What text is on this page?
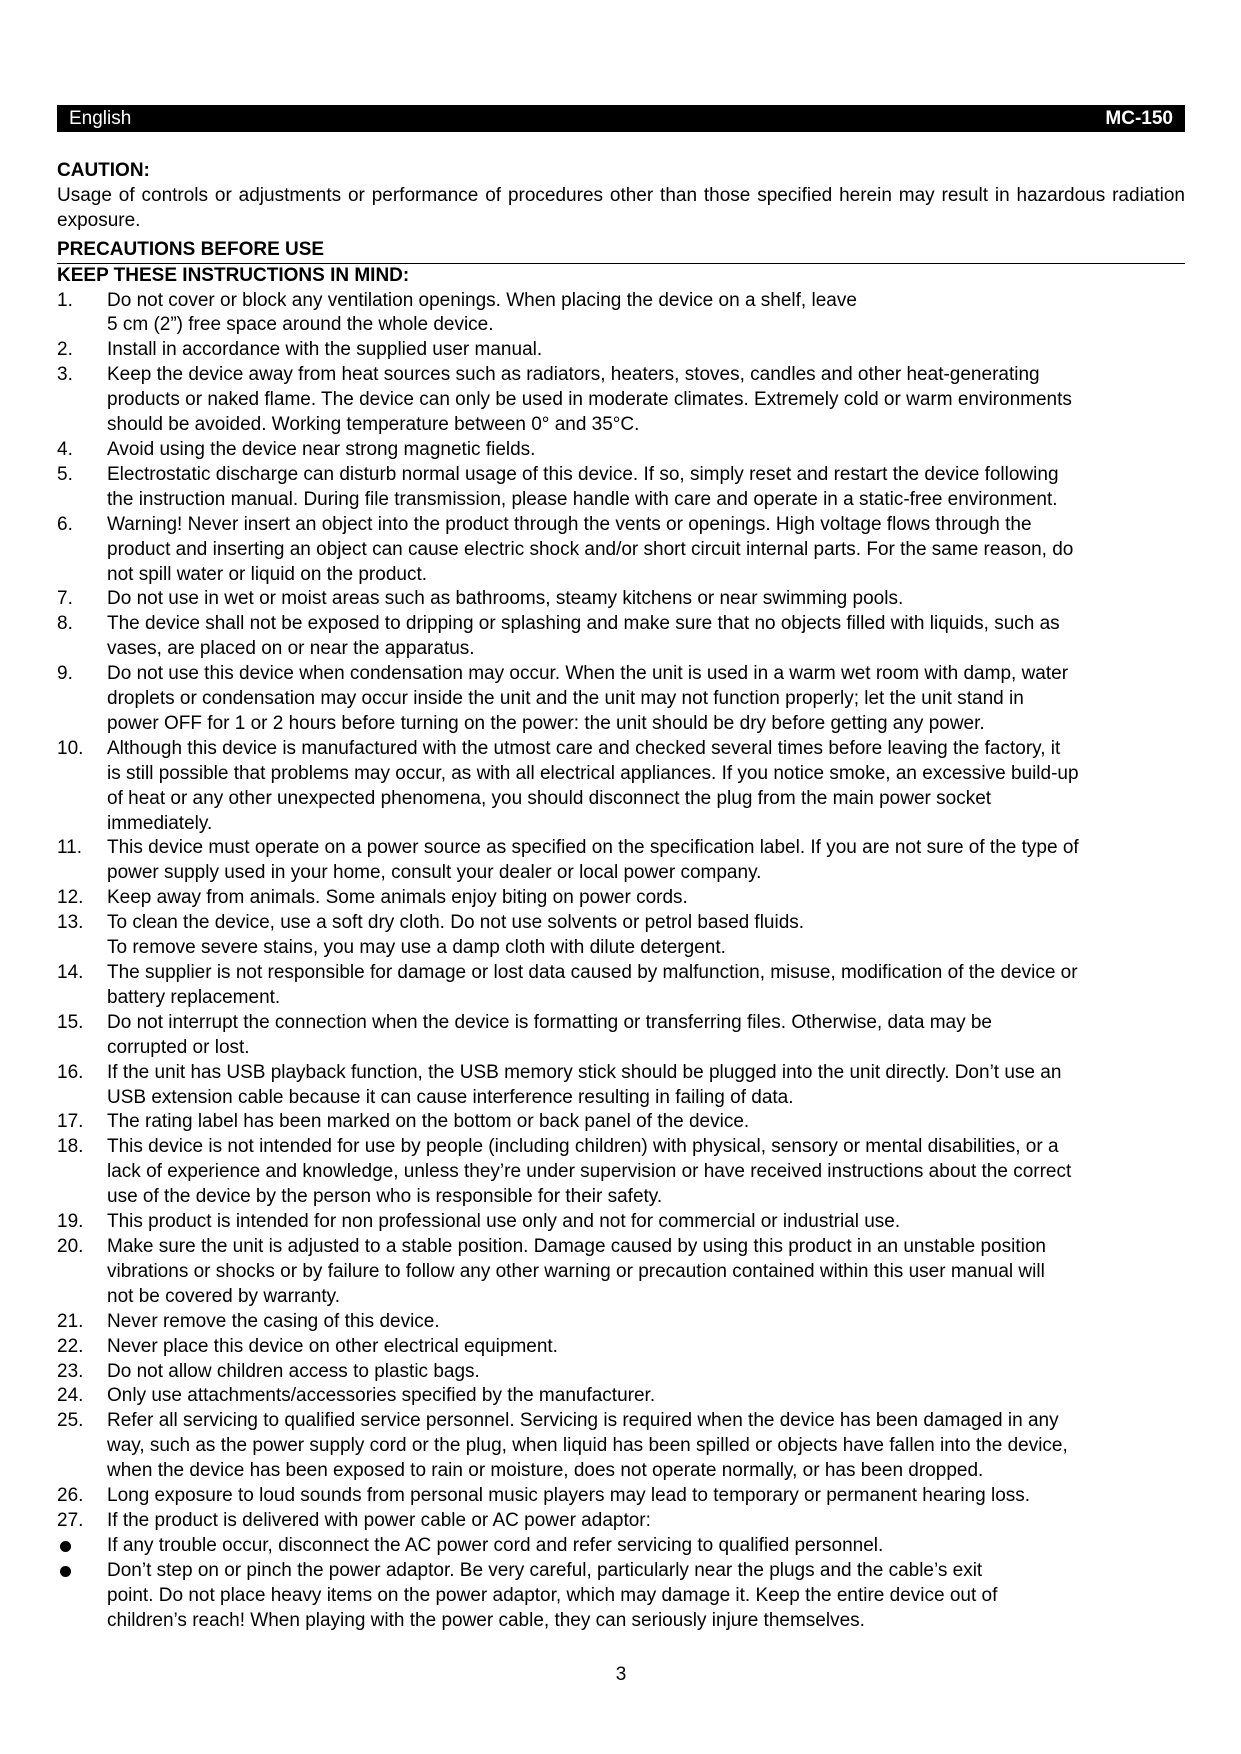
English	MC-150
CAUTION:
Usage of controls or adjustments or performance of procedures other than those specified herein may result in hazardous radiation exposure.
PRECAUTIONS BEFORE USE
KEEP THESE INSTRUCTIONS IN MIND:
1.	Do not cover or block any ventilation openings. When placing the device on a shelf, leave
5 cm (2”) free space around the whole device.
2.	Install in accordance with the supplied user manual.
3.	Keep the device away from heat sources such as radiators, heaters, stoves, candles and other heat-generating
products or naked flame. The device can only be used in moderate climates. Extremely cold or warm environments
should be avoided. Working temperature between 0° and 35°C.
4.	Avoid using the device near strong magnetic fields.
5.	Electrostatic discharge can disturb normal usage of this device. If so, simply reset and restart the device following
the instruction manual. During file transmission, please handle with care and operate in a static-free environment.
6.	Warning! Never insert an object into the product through the vents or openings. High voltage flows through the
product and inserting an object can cause electric shock and/or short circuit internal parts. For the same reason, do
not spill water or liquid on the product.
7.	Do not use in wet or moist areas such as bathrooms, steamy kitchens or near swimming pools.
8.	The device shall not be exposed to dripping or splashing and make sure that no objects filled with liquids, such as
vases, are placed on or near the apparatus.
9.	Do not use this device when condensation may occur. When the unit is used in a warm wet room with damp, water
droplets or condensation may occur inside the unit and the unit may not function properly; let the unit stand in
power OFF for 1 or 2 hours before turning on the power: the unit should be dry before getting any power.
10.	Although this device is manufactured with the utmost care and checked several times before leaving the factory, it
is still possible that problems may occur, as with all electrical appliances. If you notice smoke, an excessive build-up
of heat or any other unexpected phenomena, you should disconnect the plug from the main power socket
immediately.
11.	This device must operate on a power source as specified on the specification label. If you are not sure of the type of
power supply used in your home, consult your dealer or local power company.
12.	Keep away from animals. Some animals enjoy biting on power cords.
13.	To clean the device, use a soft dry cloth. Do not use solvents or petrol based fluids.
To remove severe stains, you may use a damp cloth with dilute detergent.
14.	The supplier is not responsible for damage or lost data caused by malfunction, misuse, modification of the device or
battery replacement.
15.	Do not interrupt the connection when the device is formatting or transferring files. Otherwise, data may be
corrupted or lost.
16.	If the unit has USB playback function, the USB memory stick should be plugged into the unit directly. Don’t use an
USB extension cable because it can cause interference resulting in failing of data.
17.	The rating label has been marked on the bottom or back panel of the device.
18.	This device is not intended for use by people (including children) with physical, sensory or mental disabilities, or a
lack of experience and knowledge, unless they’re under supervision or have received instructions about the correct
use of the device by the person who is responsible for their safety.
19.	This product is intended for non professional use only and not for commercial or industrial use.
20.	Make sure the unit is adjusted to a stable position. Damage caused by using this product in an unstable position
vibrations or shocks or by failure to follow any other warning or precaution contained within this user manual will
not be covered by warranty.
21.	Never remove the casing of this device.
22.	Never place this device on other electrical equipment.
23.	Do not allow children access to plastic bags.
24.	Only use attachments/accessories specified by the manufacturer.
25.	Refer all servicing to qualified service personnel. Servicing is required when the device has been damaged in any
way, such as the power supply cord or the plug, when liquid has been spilled or objects have fallen into the device,
when the device has been exposed to rain or moisture, does not operate normally, or has been dropped.
26.	Long exposure to loud sounds from personal music players may lead to temporary or permanent hearing loss.
27.	If the product is delivered with power cable or AC power adaptor:
If any trouble occur, disconnect the AC power cord and refer servicing to qualified personnel.
Don’t step on or pinch the power adaptor. Be very careful, particularly near the plugs and the cable’s exit
point. Do not place heavy items on the power adaptor, which may damage it. Keep the entire device out of
children’s reach! When playing with the power cable, they can seriously injure themselves.
3
